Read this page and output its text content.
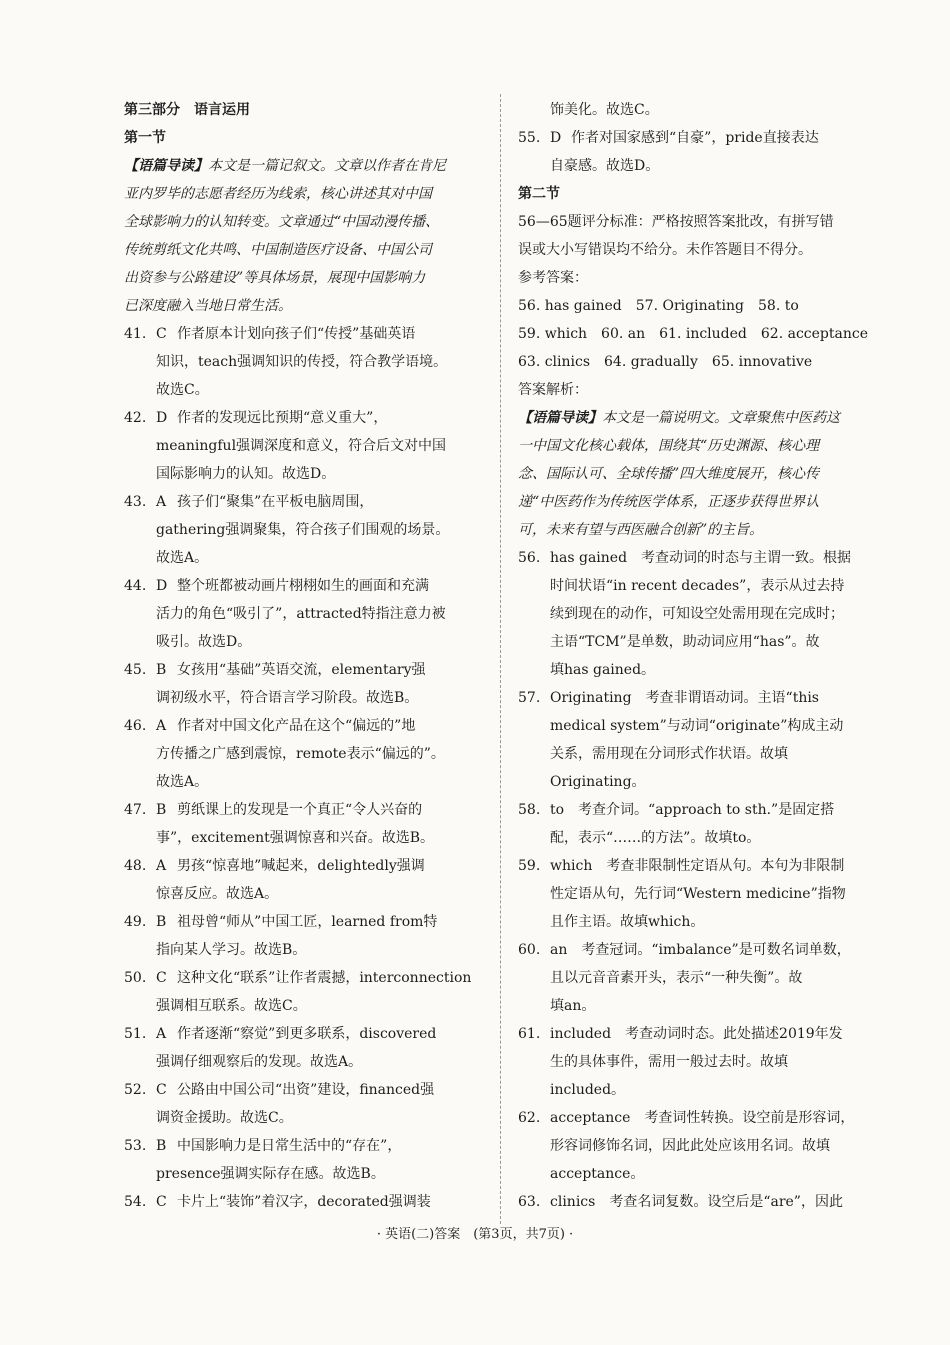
第三部分　语言运用
第一节
【语篇导读】本文是一篇记叙文。文章以作者在肯尼
亚内罗毕的志愿者经历为线索，核心讲述其对中国
全球影响力的认知转变。文章通过“中国动漫传播、
传统剪纸文化共鸣、中国制造医疗设备、中国公司
出资参与公路建设”等具体场景，展现中国影响力
已深度融入当地日常生活。
41. C 作者原本计划向孩子们“传授”基础英语
知识，teach强调知识的传授，符合教学语境。
故选C。
42. D 作者的发现远比预期“意义重大”，
meaningful强调深度和意义，符合后文对中国
国际影响力的认知。故选D。
43. A 孩子们“聚集”在平板电脑周围，
gathering强调聚集，符合孩子们围观的场景。
故选A。
44. D 整个班都被动画片栩栩如生的画面和充满
活力的角色“吸引了”，attracted特指注意力被
吸引。故选D。
45. B 女孩用“基础”英语交流，elementary强
调初级水平，符合语言学习阶段。故选B。
46. A 作者对中国文化产品在这个“偏远的”地
方传播之广感到震惊，remote表示“偏远的”。
故选A。
47. B 剪纸课上的发现是一个真正“令人兴奋的
事”，excitement强调惊喜和兴奋。故选B。
48. A 男孩“惊喜地”喊起来，delightedly强调
惊喜反应。故选A。
49. B 祖母曾“师从”中国工匠，learned from特
指向某人学习。故选B。
50. C 这种文化“联系”让作者震撼，interconnection
强调相互联系。故选C。
51. A 作者逐渐“察觉”到更多联系，discovered
强调仔细观察后的发现。故选A。
52. C 公路由中国公司“出资”建设，financed强
调资金援助。故选C。
53. B 中国影响力是日常生活中的“存在”，
presence强调实际存在感。故选B。
54. C 卡片上“装饰”着汉字，decorated强调装
饰美化。故选C。
55. D 作者对国家感到“自豪”，pride直接表达
自豪感。故选D。
第二节
56—65题评分标准：严格按照答案批改，有拼写错
误或大小写错误均不给分。未作答题目不得分。
参考答案：
56. has gained　57. Originating　58. to
59. which　60. an　61. included　62. acceptance
63. clinics　64. gradually　65. innovative
答案解析：
【语篇导读】本文是一篇说明文。文章聚焦中医药这
一中国文化核心载体，围绕其“历史渊源、核心理
念、国际认可、全球传播”四大维度展开，核心传
递“中医药作为传统医学体系，正逐步获得世界认
可，未来有望与西医融合创新”的主旨。
56. has gained　考查动词的时态与主谓一致。根据
时间状语“in recent decades”，表示从过去持
续到现在的动作，可知设空处需用现在完成时；
主语“TCM”是单数，助动词应用“has”。故
填has gained。
57. Originating　考查非谓语动词。主语“this
medical system”与动词“originate”构成主动
关系，需用现在分词形式作状语。故填
Originating。
58. to　考查介词。“approach to sth.”是固定搭
配，表示“……的方法”。故填to。
59. which　考查非限制性定语从句。本句为非限制
性定语从句，先行词“Western medicine”指物
且作主语。故填which。
60. an　考查冠词。“imbalance”是可数名词单数，
且以元音音素开头，表示“一种失衡”。故
填an。
61. included　考查动词时态。此处描述2019年发
生的具体事件，需用一般过去时。故填
included。
62. acceptance　考查词性转换。设空前是形容词，
形容词修饰名词，因此此处应该用名词。故填
acceptance。
63. clinics　考查名词复数。设空后是“are”，因此
· 英语(二)答案　(第3页，共7页) ·
